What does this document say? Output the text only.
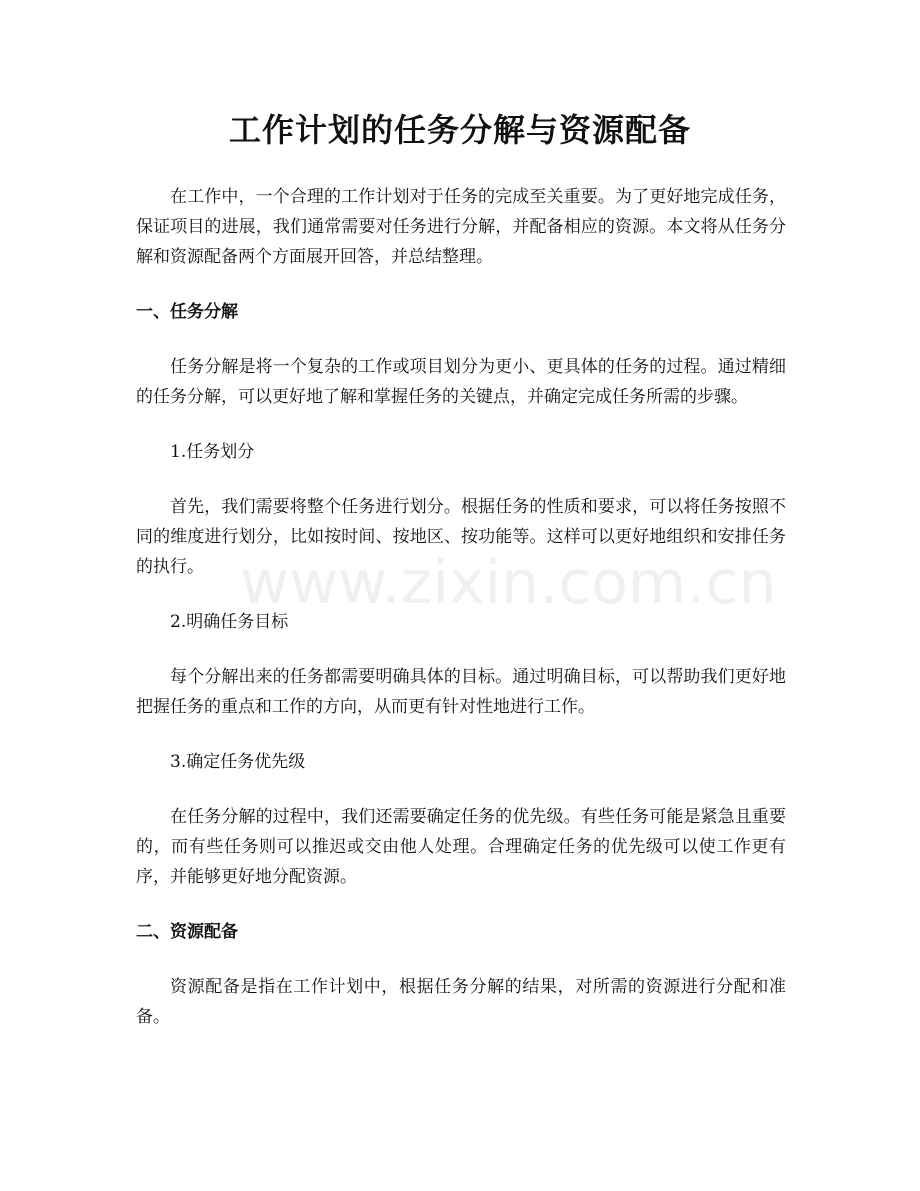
工作计划的任务分解与资源配备

在工作中，一个合理的工作计划对于任务的完成至关重要。为了更好地完成任务，保证项目的进展，我们通常需要对任务进行分解，并配备相应的资源。本文将从任务分解和资源配备两个方面展开回答，并总结整理。

一、任务分解

任务分解是将一个复杂的工作或项目划分为更小、更具体的任务的过程。通过精细的任务分解，可以更好地了解和掌握任务的关键点，并确定完成任务所需的步骤。

1.任务划分

首先，我们需要将整个任务进行划分。根据任务的性质和要求，可以将任务按照不同的维度进行划分，比如按时间、按地区、按功能等。这样可以更好地组织和安排任务的执行。

2.明确任务目标

每个分解出来的任务都需要明确具体的目标。通过明确目标，可以帮助我们更好地把握任务的重点和工作的方向，从而更有针对性地进行工作。

3.确定任务优先级

在任务分解的过程中，我们还需要确定任务的优先级。有些任务可能是紧急且重要的，而有些任务则可以推迟或交由他人处理。合理确定任务的优先级可以使工作更有序，并能够更好地分配资源。

二、资源配备

资源配备是指在工作计划中，根据任务分解的结果，对所需的资源进行分配和准备。

www.zixin.com.cn
